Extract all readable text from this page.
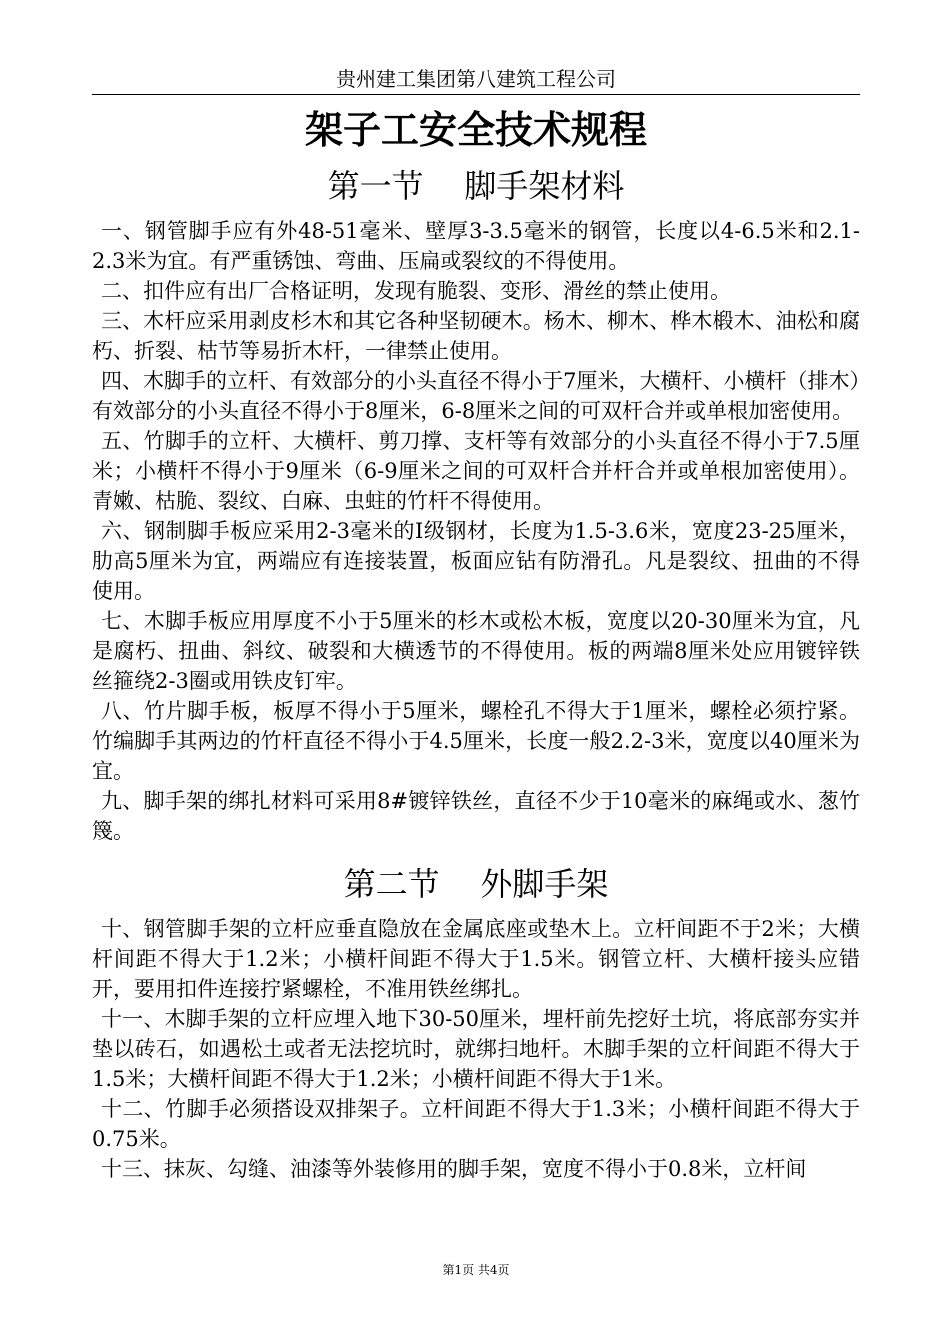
贵州建工集团第八建筑工程公司
架子工安全技术规程
第一节    脚手架材料

一、钢管脚手应有外48-51毫米、壁厚3-3.5毫米的钢管，长度以4-6.5米和2.1-2.3米为宜。有严重锈蚀、弯曲、压扁或裂纹的不得使用。

二、扣件应有出厂合格证明，发现有脆裂、变形、滑丝的禁止使用。

三、木杆应采用剥皮杉木和其它各种坚韧硬木。杨木、柳木、桦木椴木、油松和腐朽、折裂、枯节等易折木杆，一律禁止使用。

四、木脚手的立杆、有效部分的小头直径不得小于7厘米，大横杆、小横杆（排木）有效部分的小头直径不得小于8厘米，6-8厘米之间的可双杆合并或单根加密使用。

五、竹脚手的立杆、大横杆、剪刀撑、支杆等有效部分的小头直径不得小于7.5厘米；小横杆不得小于9厘米（6-9厘米之间的可双杆合并杆合并或单根加密使用）。青嫩、枯脆、裂纹、白麻、虫蛀的竹杆不得使用。

六、钢制脚手板应采用2-3毫米的I级钢材，长度为1.5-3.6米，宽度23-25厘米，肋高5厘米为宜，两端应有连接装置，板面应钻有防滑孔。凡是裂纹、扭曲的不得使用。

七、木脚手板应用厚度不小于5厘米的杉木或松木板，宽度以20-30厘米为宜，凡是腐朽、扭曲、斜纹、破裂和大横透节的不得使用。板的两端8厘米处应用镀锌铁丝箍绕2-3圈或用铁皮钉牢。

八、竹片脚手板，板厚不得小于5厘米，螺栓孔不得大于1厘米，螺栓必须拧紧。竹编脚手其两边的竹杆直径不得小于4.5厘米，长度一般2.2-3米，宽度以40厘米为宜。

九、脚手架的绑扎材料可采用8#镀锌铁丝，直径不少于10毫米的麻绳或水、葱竹篾。

第二节    外脚手架

十、钢管脚手架的立杆应垂直隐放在金属底座或垫木上。立杆间距不于2米；大横杆间距不得大于1.2米；小横杆间距不得大于1.5米。钢管立杆、大横杆接头应错开，要用扣件连接拧紧螺栓，不准用铁丝绑扎。

十一、木脚手架的立杆应埋入地下30-50厘米，埋杆前先挖好土坑，将底部夯实并垫以砖石，如遇松土或者无法挖坑时，就绑扫地杆。木脚手架的立杆间距不得大于1.5米；大横杆间距不得大于1.2米；小横杆间距不得大于1米。

十二、竹脚手必须搭设双排架子。立杆间距不得大于1.3米；小横杆间距不得大于0.75米。

十三、抹灰、勾缝、油漆等外装修用的脚手架，宽度不得小于0.8米，立杆间

第1页 共4页
